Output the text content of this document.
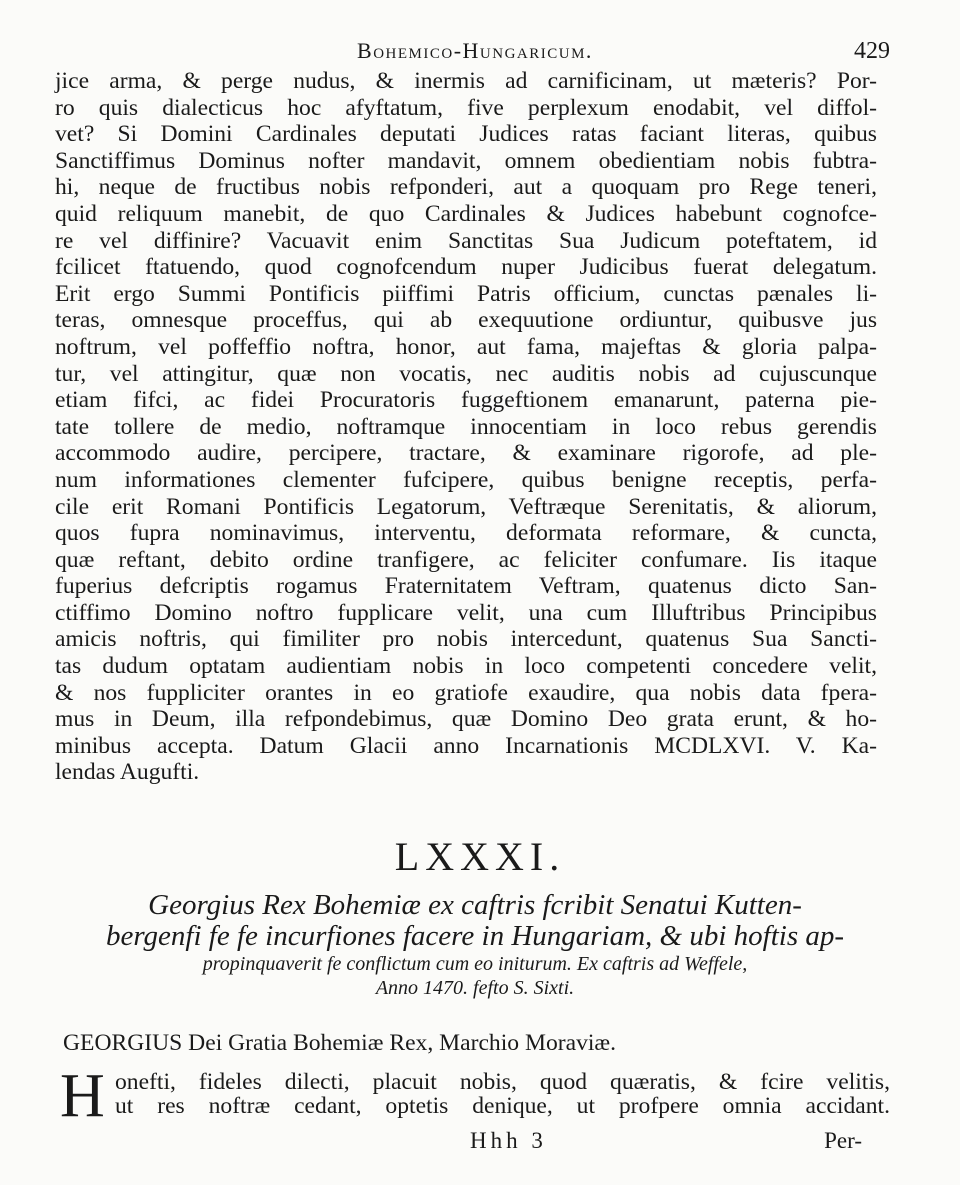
Bohemico-Hungaricum.	429
jice arma, & perge nudus, & inermis ad carnificinam, ut mæteris? Por-
ro quis dialecticus hoc afyftatum, five perplexum enodabit, vel diffol-
vet? Si Domini Cardinales deputati Judices ratas faciant literas, quibus
Sanctiffimus Dominus nofter mandavit, omnem obedientiam nobis fubtra-
hi, neque de fructibus nobis refponderi, aut a quoquam pro Rege teneri,
quid reliquum manebit, de quo Cardinales & Judices habebunt cognofce-
re vel diffinire? Vacuavit enim Sanctitas Sua Judicum poteftatem, id
fcilicet ftatuendo, quod cognofcendum nuper Judicibus fuerat delegatum.
Erit ergo Summi Pontificis piiffimi Patris officium, cunctas pænales li-
teras, omnesque proceffus, qui ab exequutione ordiuntur, quibusve jus
noftrum, vel poffeffio noftra, honor, aut fama, majeftas & gloria palpa-
tur, vel attingitur, quæ non vocatis, nec auditis nobis ad cujuscunque
etiam fifci, ac fidei Procuratoris fuggeftionem emanarunt, paterna pie-
tate tollere de medio, noftramque innocentiam in loco rebus gerendis
accommodo audire, percipere, tractare, & examinare rigorofe, ad ple-
num informationes clementer fufcipere, quibus benigne receptis, perfa-
cile erit Romani Pontificis Legatorum, Veftræque Serenitatis, & aliorum,
quos fupra nominavimus, interventu, deformata reformare, & cuncta,
quæ reftant, debito ordine tranfigere, ac feliciter confumare. Iis itaque
fuperius defcriptis rogamus Fraternitatem Veftram, quatenus dicto San-
ctiffimo Domino noftro fupplicare velit, una cum Illuftribus Principibus
amicis noftris, qui fimiliter pro nobis intercedunt, quatenus Sua Sancti-
tas dudum optatam audientiam nobis in loco competenti concedere velit,
& nos fuppliciter orantes in eo gratiofe exaudire, qua nobis data fpera-
mus in Deum, illa refpondebimus, quæ Domino Deo grata erunt, & ho-
minibus accepta. Datum Glacii anno Incarnationis MCDLXVI. V. Ka-
lendas Augufti.
LXXXI.
Georgius Rex Bohemiæ ex caftris fcribit Senatui Kutten-
bergenfi fe fe incurfiones facere in Hungariam, & ubi hoftis ap-
propinquaverit fe conflictum cum eo initurum. Ex caftris ad Weffele,
Anno 1470. fefto S. Sixti.
GEORGIUS Dei Gratia Bohemiæ Rex, Marchio Moraviæ.
H onefti, fideles dilecti, placuit nobis, quod quæratis, & fcire velitis,
ut res noftræ cedant, optetis denique, ut profpere omnia accidant.
Hhh 3	Per-
